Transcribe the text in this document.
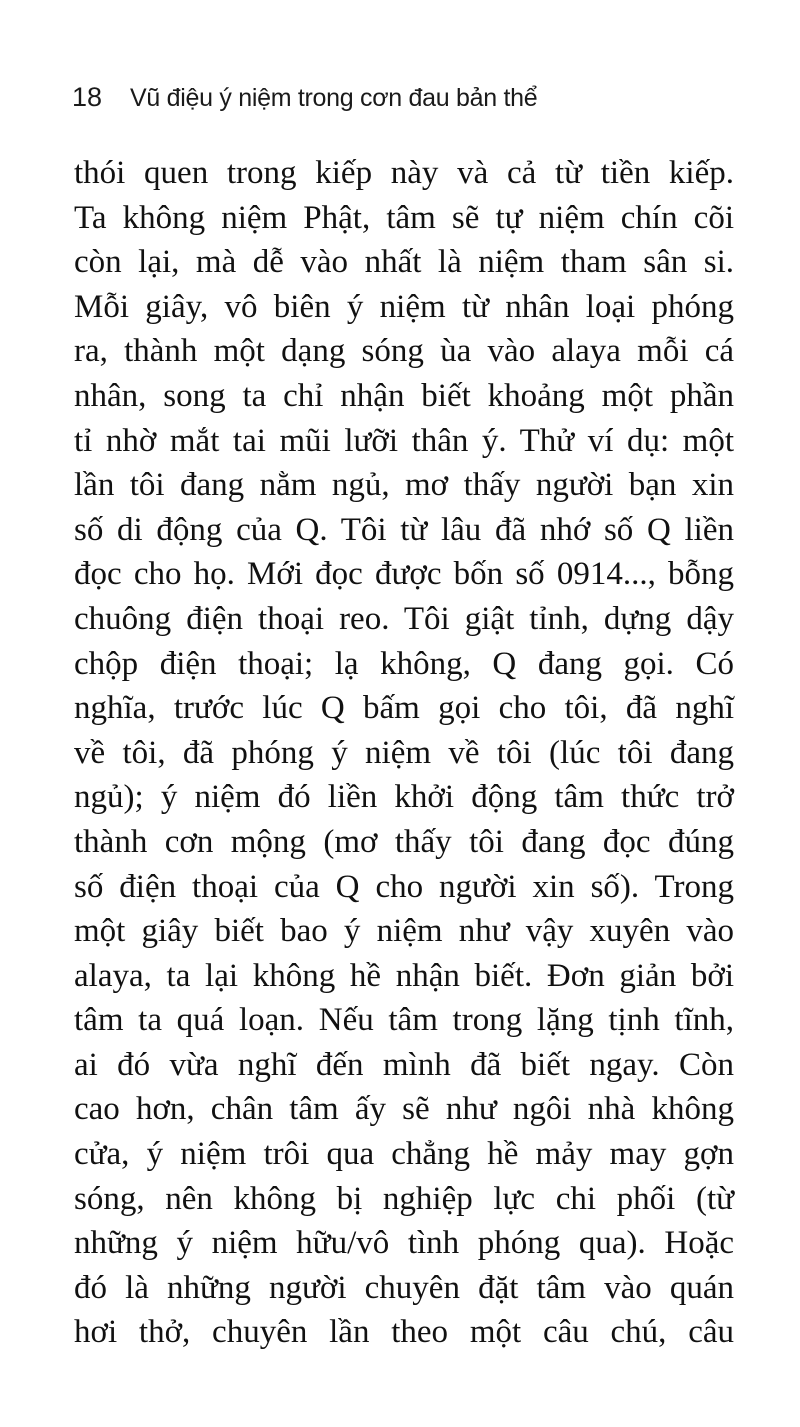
18 Vũ điệu ý niệm trong cơn đau bản thể
thói quen trong kiếp này và cả từ tiền kiếp.
Ta không niệm Phật, tâm sẽ tự niệm chín cõi
còn lại, mà dễ vào nhất là niệm tham sân si.
Mỗi giây, vô biên ý niệm từ nhân loại phóng
ra, thành một dạng sóng ùa vào alaya mỗi cá
nhân, song ta chỉ nhận biết khoảng một phần
tỉ nhờ mắt tai mũi lưỡi thân ý. Thử ví dụ: một
lần tôi đang nằm ngủ, mơ thấy người bạn xin
số di động của Q. Tôi từ lâu đã nhớ số Q liền
đọc cho họ. Mới đọc được bốn số 0914..., bỗng
chuông điện thoại reo. Tôi giật tỉnh, dựng dậy
chộp điện thoại; lạ không, Q đang gọi. Có
nghĩa, trước lúc Q bấm gọi cho tôi, đã nghĩ
về tôi, đã phóng ý niệm về tôi (lúc tôi đang
ngủ); ý niệm đó liền khởi động tâm thức trở
thành cơn mộng (mơ thấy tôi đang đọc đúng
số điện thoại của Q cho người xin số). Trong
một giây biết bao ý niệm như vậy xuyên vào
alaya, ta lại không hề nhận biết. Đơn giản bởi
tâm ta quá loạn. Nếu tâm trong lặng tịnh tĩnh,
ai đó vừa nghĩ đến mình đã biết ngay. Còn
cao hơn, chân tâm ấy sẽ như ngôi nhà không
cửa, ý niệm trôi qua chẳng hề mảy may gợn
sóng, nên không bị nghiệp lực chi phối (từ
những ý niệm hữu/vô tình phóng qua). Hoặc
đó là những người chuyên đặt tâm vào quán
hơi thở, chuyên lần theo một câu chú, câu
